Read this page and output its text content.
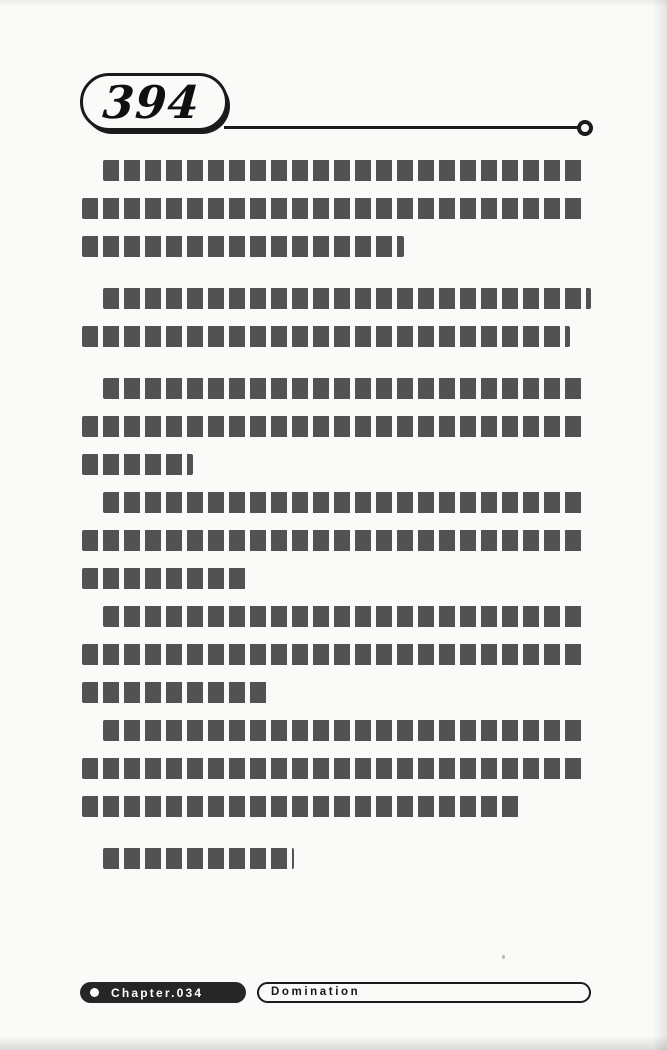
394
Chapter.034	Domination
